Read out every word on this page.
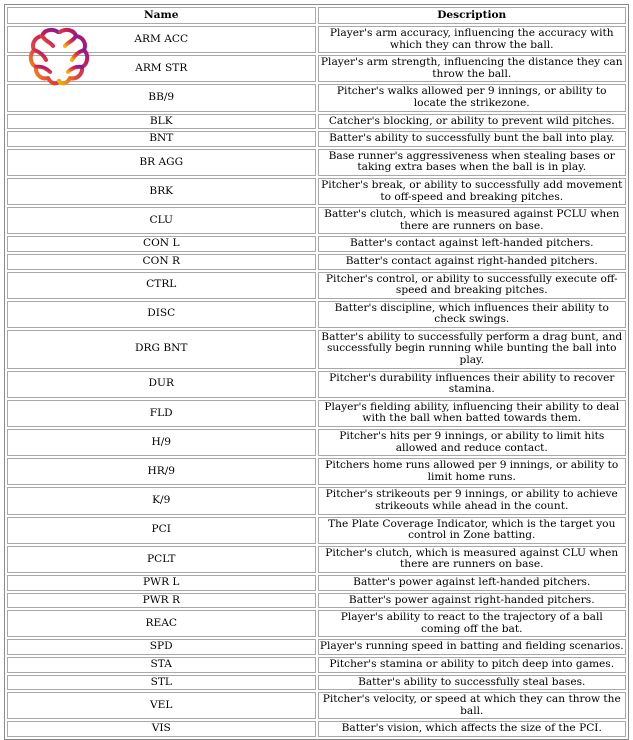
Name	Description
ARM ACC	Player's arm accuracy, influencing the accuracy with which they can throw the ball.
ARM STR	Player's arm strength, influencing the distance they can throw the ball.
BB/9	Pitcher's walks allowed per 9 innings, or ability to locate the strikezone.
BLK	Catcher's blocking, or ability to prevent wild pitches.
BNT	Batter's ability to successfully bunt the ball into play.
BR AGG	Base runner's aggressiveness when stealing bases or taking extra bases when the ball is in play.
BRK	Pitcher's break, or ability to successfully add movement to off-speed and breaking pitches.
CLU	Batter's clutch, which is measured against PCLU when there are runners on base.
CON L	Batter's contact against left-handed pitchers.
CON R	Batter's contact against right-handed pitchers.
CTRL	Pitcher's control, or ability to successfully execute off-speed and breaking pitches.
DISC	Batter's discipline, which influences their ability to check swings.
DRG BNT	Batter's ability to successfully perform a drag bunt, and successfully begin running while bunting the ball into play.
DUR	Pitcher's durability influences their ability to recover stamina.
FLD	Player's fielding ability, influencing their ability to deal with the ball when batted towards them.
H/9	Pitcher's hits per 9 innings, or ability to limit hits allowed and reduce contact.
HR/9	Pitchers home runs allowed per 9 innings, or ability to limit home runs.
K/9	Pitcher's strikeouts per 9 innings, or ability to achieve strikeouts while ahead in the count.
PCI	The Plate Coverage Indicator, which is the target you control in Zone batting.
PCLT	Pitcher's clutch, which is measured against CLU when there are runners on base.
PWR L	Batter's power against left-handed pitchers.
PWR R	Batter's power against right-handed pitchers.
REAC	Player's ability to react to the trajectory of a ball coming off the bat.
SPD	Player's running speed in batting and fielding scenarios.
STA	Pitcher's stamina or ability to pitch deep into games.
STL	Batter's ability to successfully steal bases.
VEL	Pitcher's velocity, or speed at which they can throw the ball.
VIS	Batter's vision, which affects the size of the PCI.
